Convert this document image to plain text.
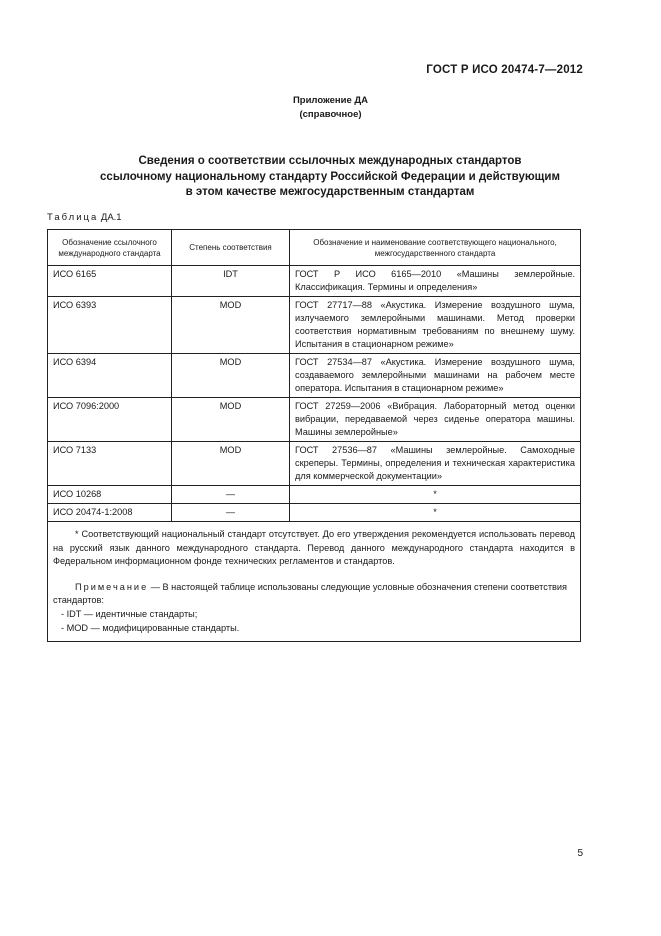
ГОСТ Р ИСО 20474-7—2012
Приложение ДА
(справочное)
Сведения о соответствии ссылочных международных стандартов
ссылочному национальному стандарту Российской Федерации и действующим
в этом качестве межгосударственным стандартам
Таблица ДА.1
Обозначение ссылочного международного стандарта	Степень соответствия	Обозначение и наименование соответствующего национального, межгосударственного стандарта
ИСО 6165	IDT	ГОСТ Р ИСО 6165—2010 «Машины землеройные. Классификация. Термины и определения»
ИСО 6393	MOD	ГОСТ 27717—88 «Акустика. Измерение воздушного шума, излучаемого землеройными машинами. Метод проверки соответствия нормативным требованиям по внешнему шуму. Испытания в стационарном режиме»
ИСО 6394	MOD	ГОСТ 27534—87 «Акустика. Измерение воздушного шума, создаваемого землеройными машинами на рабочем месте оператора. Испытания в стационарном режиме»
ИСО 7096:2000	MOD	ГОСТ 27259—2006 «Вибрация. Лабораторный метод оценки вибрации, передаваемой через сиденье оператора машины. Машины землеройные»
ИСО 7133	MOD	ГОСТ 27536—87 «Машины землеройные. Самоходные скреперы. Термины, определения и техническая характеристика для коммерческой документации»
ИСО 10268	—	*
ИСО 20474-1:2008	—	*

* Соответствующий национальный стандарт отсутствует. До его утверждения рекомендуется использовать перевод на русский язык данного международного стандарта. Перевод данного международного стандарта находится в Федеральном информационном фонде технических регламентов и стандартов.

Примечание — В настоящей таблице использованы следующие условные обозначения степени соответствия стандартов:

- IDT — идентичные стандарты;
- MOD — модифицированные стандарты.		
5
